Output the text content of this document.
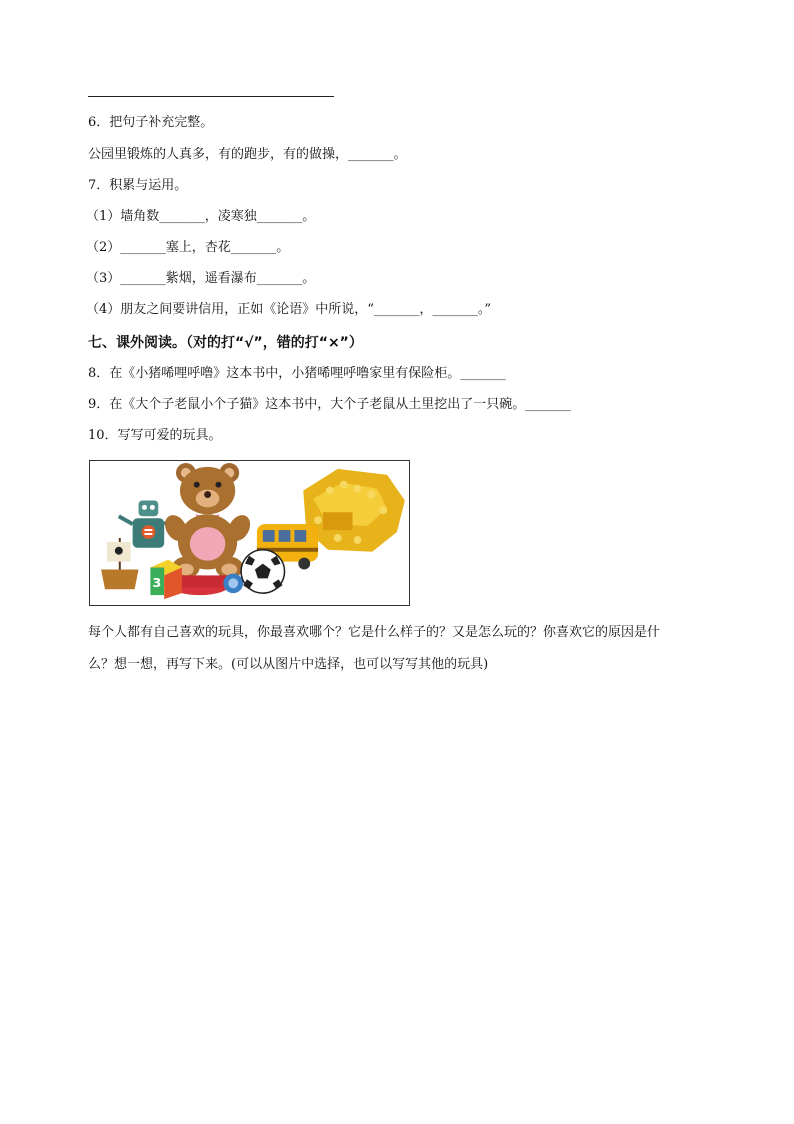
6．把句子补充完整。
公园里锻炼的人真多，有的跑步，有的做操，_______。
7．积累与运用。
（1）墙角数_______，凌寒独_______。
（2）_______塞上，杏花_______。
（3）_______紫烟，遥看瀑布_______。
（4）朋友之间要讲信用，正如《论语》中所说，“_______，_______。”
七、课外阅读。（对的打“√”，错的打“×”）
8．在《小猪唏哩呼噜》这本书中，小猪唏哩呼噜家里有保险柜。_______
9．在《大个子老鼠小个子猫》这本书中，大个子老鼠从土里挖出了一只碗。_______
10．写写可爱的玩具。
3
每个人都有自己喜欢的玩具，你最喜欢哪个？它是什么样子的？又是怎么玩的？你喜欢它的原因是什
么？想一想，再写下来。(可以从图片中选择，也可以写写其他的玩具)
